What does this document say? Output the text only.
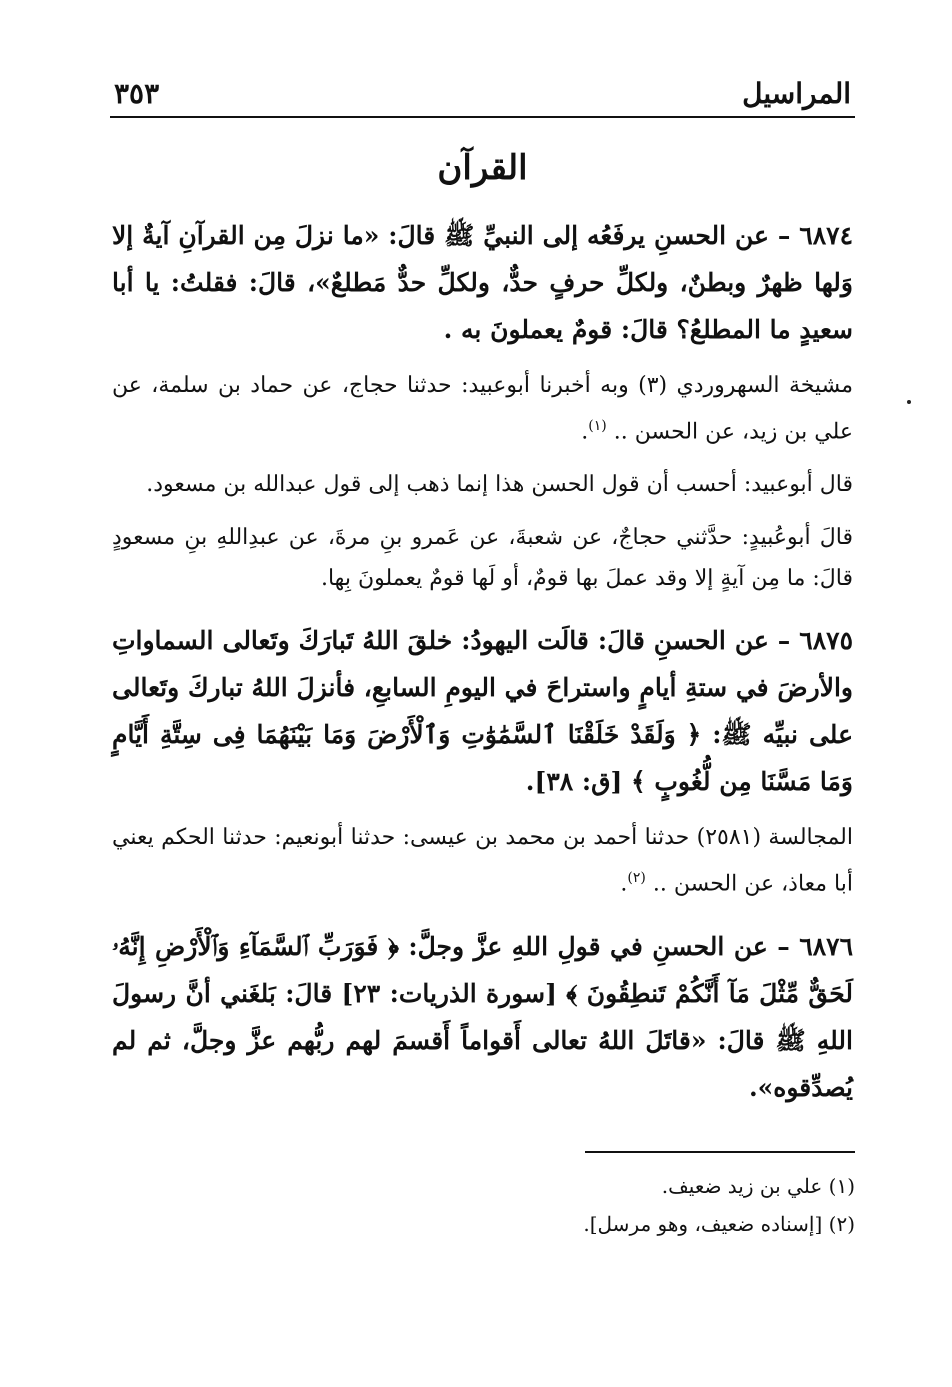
المراسيل
٣٥٣
القرآن

٦٨٧٤ – عن الحسنِ يرفَعُه إلى النبيِّ ﷺ قالَ: «ما نزلَ مِن القرآنِ آيةٌ إلا وَلها ظهرٌ وبطنٌ، ولكلِّ حرفٍ حدٌّ، ولكلِّ حدٌّ مَطلعٌ»، قالَ: فقلتُ: يا أبا سعيدٍ ما المطلعُ؟ قالَ: قومٌ يعملونَ به .

مشيخة السهروردي (٣) وبه أخبرنا أبوعبيد: حدثنا حجاج، عن حماد بن سلمة، عن علي بن زيد، عن الحسن .. $^{(١)}$.

قال أبوعبيد: أحسب أن قول الحسن هذا إنما ذهب إلى قول عبدالله بن مسعود.

قالَ أبوعُبيدٍ: حدَّثني حجاجٌ، عن شعبةَ، عن عَمرو بنِ مرةَ، عن عبدِاللهِ بنِ مسعودٍ قالَ: ما مِن آيةٍ إلا وقد عملَ بها قومٌ، أو لَها قومٌ يعملونَ بِها.

٦٨٧٥ – عن الحسنِ قالَ: قالَت اليهودُ: خلقَ اللهُ تَبارَكَ وتَعالى السماواتِ والأرضَ في ستةِ أيامٍ واستراحَ في اليومِ السابعِ، فأنزلَ اللهُ تباركَ وتَعالى على نبيِّه ﷺ: ﴿ وَلَقَدْ خَلَقْنَا ٱلسَّمَٰوَٰتِ وَٱلْأَرْضَ وَمَا بَيْنَهُمَا فِى سِتَّةِ أَيَّامٍ وَمَا مَسَّنَا مِن لُّغُوبٍ ﴾ [ق: ٣٨].

المجالسة (٢٥٨١) حدثنا أحمد بن محمد بن عيسى: حدثنا أبونعيم: حدثنا الحكم يعني أبا معاذ، عن الحسن .. $^{(٢)}$.

٦٨٧٦ – عن الحسنِ في قولِ اللهِ عزَّ وجلَّ: ﴿ فَوَرَبِّ ٱلسَّمَآءِ وَٱلْأَرْضِ إِنَّهُۥ لَحَقٌّ مِّثْلَ مَآ أَنَّكُمْ تَنطِقُونَ ﴾ [سورة الذريات: ٢٣] قالَ: بَلغَني أنَّ رسولَ اللهِ ﷺ قالَ: «قاتَلَ اللهُ تعالى أَقواماً أَقسمَ لهم ربُّهم عزَّ وجلَّ، ثم لم يُصدِّقوه».

(١) علي بن زيد ضعيف.
(٢) [إسناده ضعيف، وهو مرسل].
